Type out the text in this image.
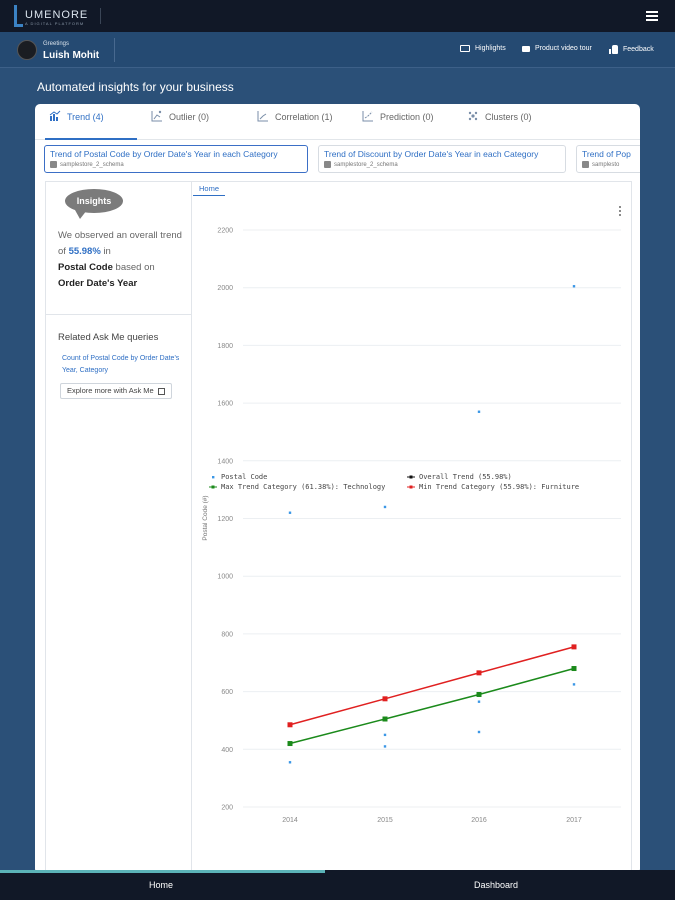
UMENORE
A DIGITAL PLATFORM
Greetings
Luish Mohit
Highlights	Product video tour	Feedback
Automated insights for your business
Trend (4)	Outlier (0)	Correlation (1)	Prediction (0)	Clusters (0)
Trend of Postal Code by Order Date's Year in each Category
samplestore_2_schema
Trend of Discount by Order Date's Year in each Category
samplestore_2_schema
Trend of Pop
samplesto
Insights
We observed an overall trend of 55.98% in
Postal Code based on
Order Date's Year
Related Ask Me queries
Count of Postal Code by Order Date's Year, Category
Explore more with Ask Me
Home
200
400
600
800
1000
1200
1400
1600
1800
2000
2200
2014	2015	2016	2017
Postal Code (#)
Postal Code	Overall Trend (55.98%)
Max Trend Category (61.38%): Technology	Min Trend Category (55.98%): Furniture
Home	Dashboard
